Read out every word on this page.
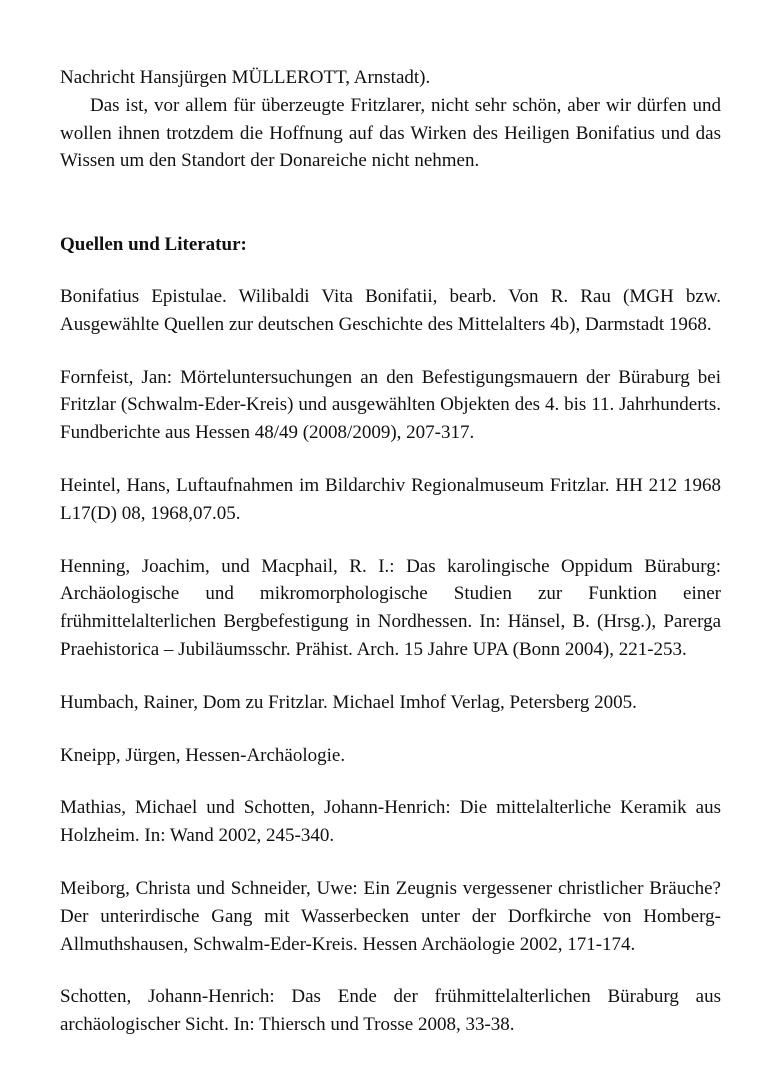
Nachricht Hansjürgen MÜLLEROTT, Arnstadt).

Das ist, vor allem für überzeugte Fritzlarer, nicht sehr schön, aber wir dürfen und wollen ihnen trotzdem die Hoffnung auf das Wirken des Heiligen Bonifatius und das Wissen um den Standort der Donareiche nicht nehmen.

Quellen und Literatur:

Bonifatius Epistulae. Wilibaldi Vita Bonifatii, bearb. Von R. Rau (MGH bzw. Ausgewählte Quellen zur deutschen Geschichte des Mittelalters 4b), Darmstadt 1968.

Fornfeist, Jan: Mörteluntersuchungen an den Befestigungsmauern der Büraburg bei Fritzlar (Schwalm-Eder-Kreis) und ausgewählten Objekten des 4. bis 11. Jahrhunderts. Fundberichte aus Hessen 48/49 (2008/2009), 207-317.

Heintel, Hans, Luftaufnahmen im Bildarchiv Regionalmuseum Fritzlar. HH 212 1968 L17(D) 08, 1968,07.05.

Henning, Joachim, und Macphail, R. I.: Das karolingische Oppidum Büraburg: Archäologische und mikromorphologische Studien zur Funktion einer frühmittelalterlichen Bergbefestigung in Nordhessen. In: Hänsel, B. (Hrsg.), Parerga Praehistorica – Jubiläumsschr. Prähist. Arch. 15 Jahre UPA (Bonn 2004), 221-253.

Humbach, Rainer, Dom zu Fritzlar. Michael Imhof Verlag, Petersberg 2005.

Kneipp, Jürgen, Hessen-Archäologie.

Mathias, Michael und Schotten, Johann-Henrich: Die mittelalterliche Keramik aus Holzheim. In: Wand 2002, 245-340.

Meiborg, Christa und Schneider, Uwe: Ein Zeugnis vergessener christlicher Bräuche? Der unterirdische Gang mit Wasserbecken unter der Dorfkirche von Homberg-Allmuthshausen, Schwalm-Eder-Kreis. Hessen Archäologie 2002, 171-174.

Schotten, Johann-Henrich: Das Ende der frühmittelalterlichen Büraburg aus archäologischer Sicht. In: Thiersch und Trosse 2008, 33-38.
